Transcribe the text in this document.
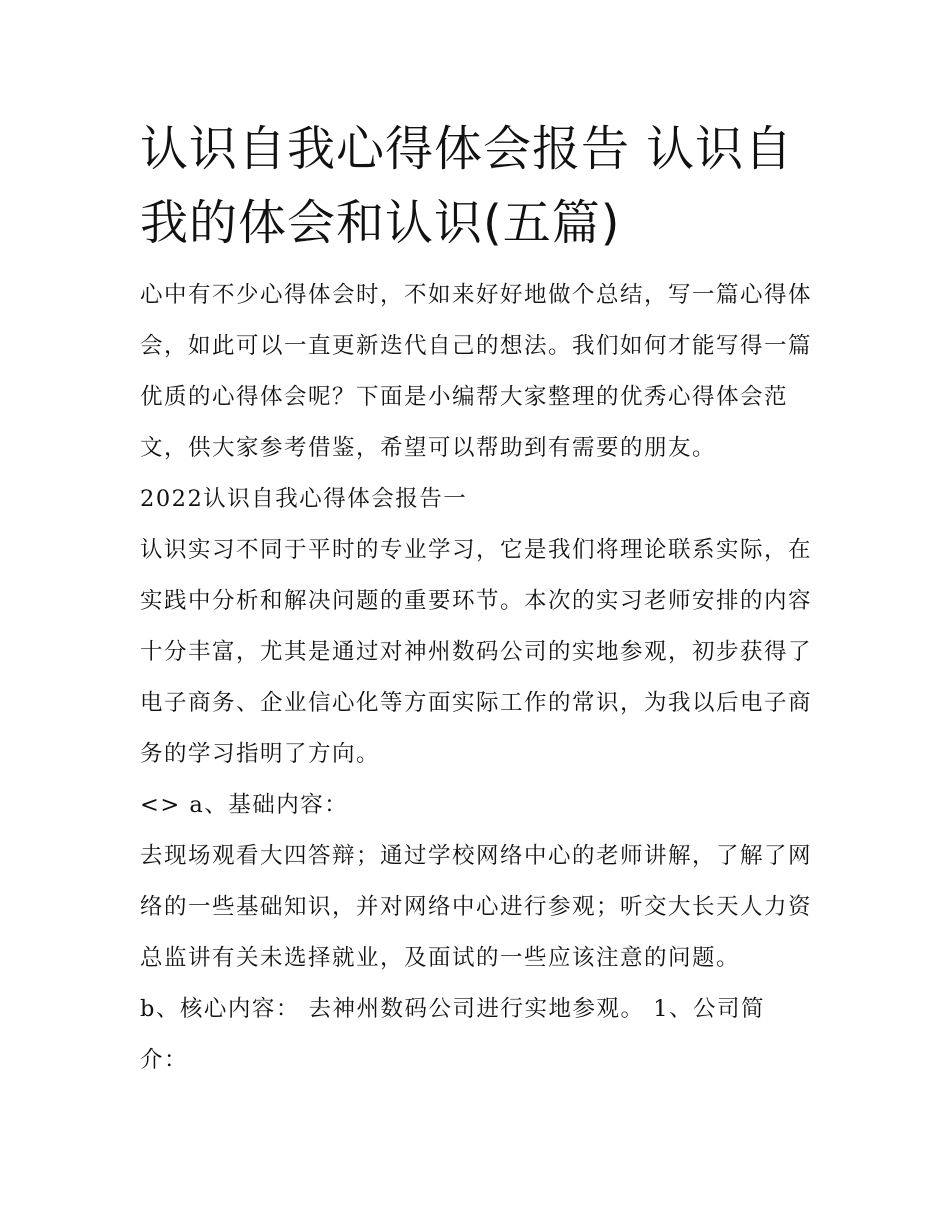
认识自我心得体会报告 认识自我的体会和认识(五篇)

心中有不少心得体会时，不如来好好地做个总结，写一篇心得体会，如此可以一直更新迭代自己的想法。我们如何才能写得一篇优质的心得体会呢？下面是小编帮大家整理的优秀心得体会范文，供大家参考借鉴，希望可以帮助到有需要的朋友。

2022认识自我心得体会报告一

认识实习不同于平时的专业学习，它是我们将理论联系实际，在实践中分析和解决问题的重要环节。本次的实习老师安排的内容十分丰富，尤其是通过对神州数码公司的实地参观，初步获得了电子商务、企业信心化等方面实际工作的常识，为我以后电子商务的学习指明了方向。

<> a、基础内容：

去现场观看大四答辩；通过学校网络中心的老师讲解，了解了网络的一些基础知识，并对网络中心进行参观；听交大长天人力资总监讲有关未选择就业，及面试的一些应该注意的问题。

b、核心内容： 去神州数码公司进行实地参观。 1、公司简介：
